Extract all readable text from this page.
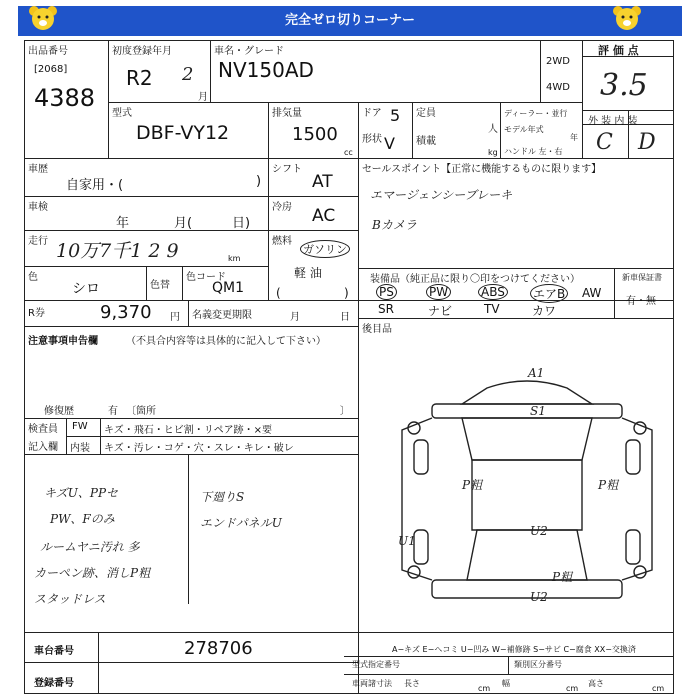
完全ゼロ切りコーナー
出品番号
[2068]
4388
初度登録年月
R2 2
月
車名・グレード
NV150AD	2WD
4WD
評 価 点
3.5
型式
DBF-VY12
排気量
1500
cc
ドア 5
形状 V
定員
人
積載
kg
ディーラー・並行
モデル年式
年
ハンドル 左・右
外 装 内 装
C D
車歴
自家用・(	)
シフト
AT
車検
年	月(	日)
冷房 AC
走行 10万7千1 2 9	km
燃料
ガソリン
軽 油
(	)
色
シロ	色替
色コード
QM1
R券	9,370 円 名義変更期限	月	日
注意事項申告欄	（不具合内容等は具体的に記入して下さい）
修復歴	有 〔箇所	〕
検査員
記入欄
FW キズ・飛石・ヒビ割・リペア跡・×要
内装 キズ・汚レ・コゲ・穴・スレ・キレ・破レ
キズU、PPセ
PW、Fのみ
ルームヤニ汚れ 多
カーペン跡、消しP粗
スタッドレス
下廻りS
エンドパネルU
セールスポイント【正常に機能するものに限ります】
エマージェンシーブレーキ
Bカメラ
装備品（純正品に限り〇印をつけてください）	新車保証書
有・無
PS	PW	ABS エアB AW
SR	ナビ	TV	カワ
後目品
A1
S1
P粗	P粗
U2
U1
P粗
U2
車台番号	278706
登録番号
A−キズ E−ヘコミ U−凹み W−補修跡 S−サビ C−腐食 XX−交換済
型式指定番号	類別区分番号
車両諸寸法 長さ
cm
幅
cm
高さ
cm
